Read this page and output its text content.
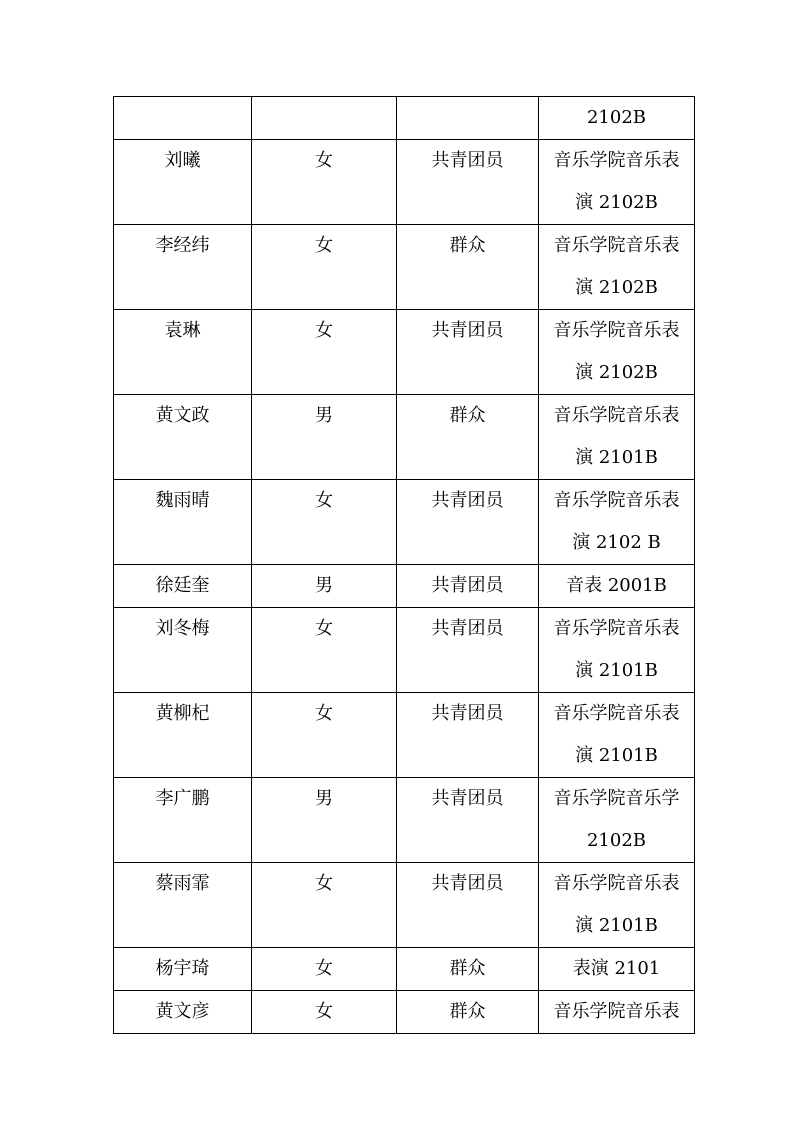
			2102B

刘曦	女	共青团员	音乐学院音乐表
演 2102B

李经纬	女	群众	音乐学院音乐表
演 2102B

袁琳	女	共青团员	音乐学院音乐表
演 2102B

黄文政	男	群众	音乐学院音乐表
演 2101B

魏雨晴	女	共青团员	音乐学院音乐表
演 2102 B

徐廷奎	男	共青团员	音表 2001B

刘冬梅	女	共青团员	音乐学院音乐表
演 2101B

黄柳杞	女	共青团员	音乐学院音乐表
演 2101B

李广鹏	男	共青团员	音乐学院音乐学
2102B

蔡雨霏	女	共青团员	音乐学院音乐表
演 2101B

杨宇琦	女	群众	表演 2101

黄文彦	女	群众	音乐学院音乐表
